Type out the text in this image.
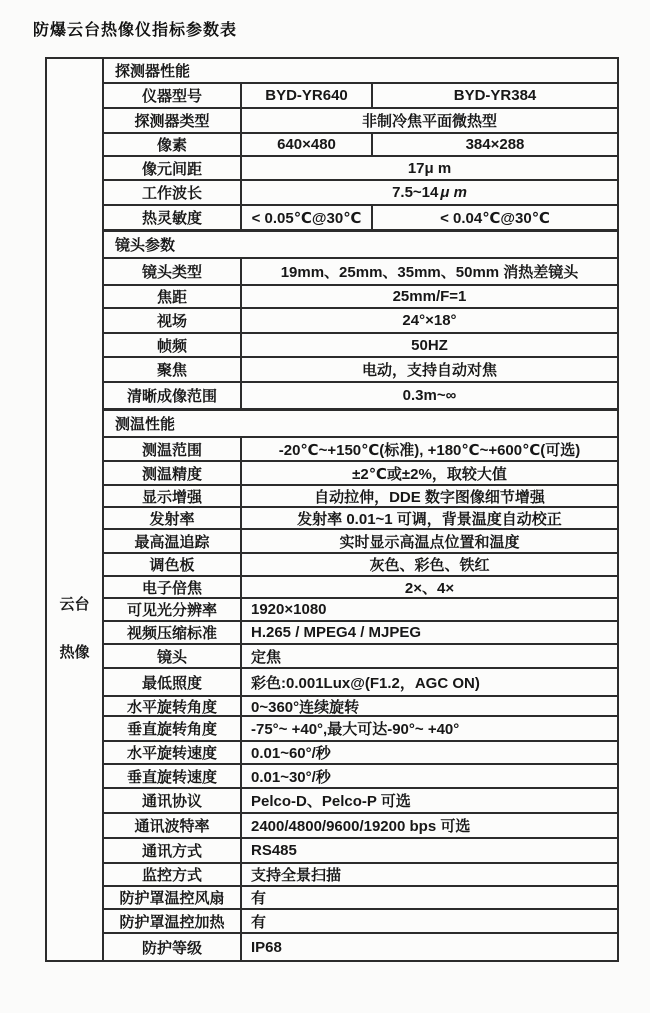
防爆云台热像仪指标参数表
云台
热像
探测器性能
仪器型号	BYD-YR640	BYD-YR384
探测器类型	非制冷焦平面微热型
像素	640×480	384×288
像元间距	17μ m
工作波长	7.5~14 μ m
热灵敏度	< 0.05℃@30℃	< 0.04℃@30℃
镜头参数
镜头类型	19mm、25mm、35mm、50mm 消热差镜头
焦距	25mm/F=1
视场	24°×18°
帧频	50HZ
聚焦	电动，支持自动对焦
清晰成像范围	0.3m~∞
测温性能
测温范围	-20℃~+150℃(标准), +180℃~+600℃(可选)
测温精度	±2℃或±2%，取较大值
显示增强	自动拉伸，DDE 数字图像细节增强
发射率	发射率 0.01~1 可调，背景温度自动校正
最高温追踪	实时显示高温点位置和温度
调色板	灰色、彩色、铁红
电子倍焦	2×、4×
可见光分辨率	1920×1080
视频压缩标准	H.265 / MPEG4 / MJPEG
镜头	定焦
最低照度	彩色:0.001Lux@(F1.2，AGC ON)
水平旋转角度	0~360°连续旋转
垂直旋转角度	-75°~ +40°,最大可达-90°~ +40°
水平旋转速度	0.01~60°/秒
垂直旋转速度	0.01~30°/秒
通讯协议	Pelco-D、Pelco-P 可选
通讯波特率	2400/4800/9600/19200 bps 可选
通讯方式	RS485
监控方式	支持全景扫描
防护罩温控风扇	有
防护罩温控加热	有
防护等级	IP68
